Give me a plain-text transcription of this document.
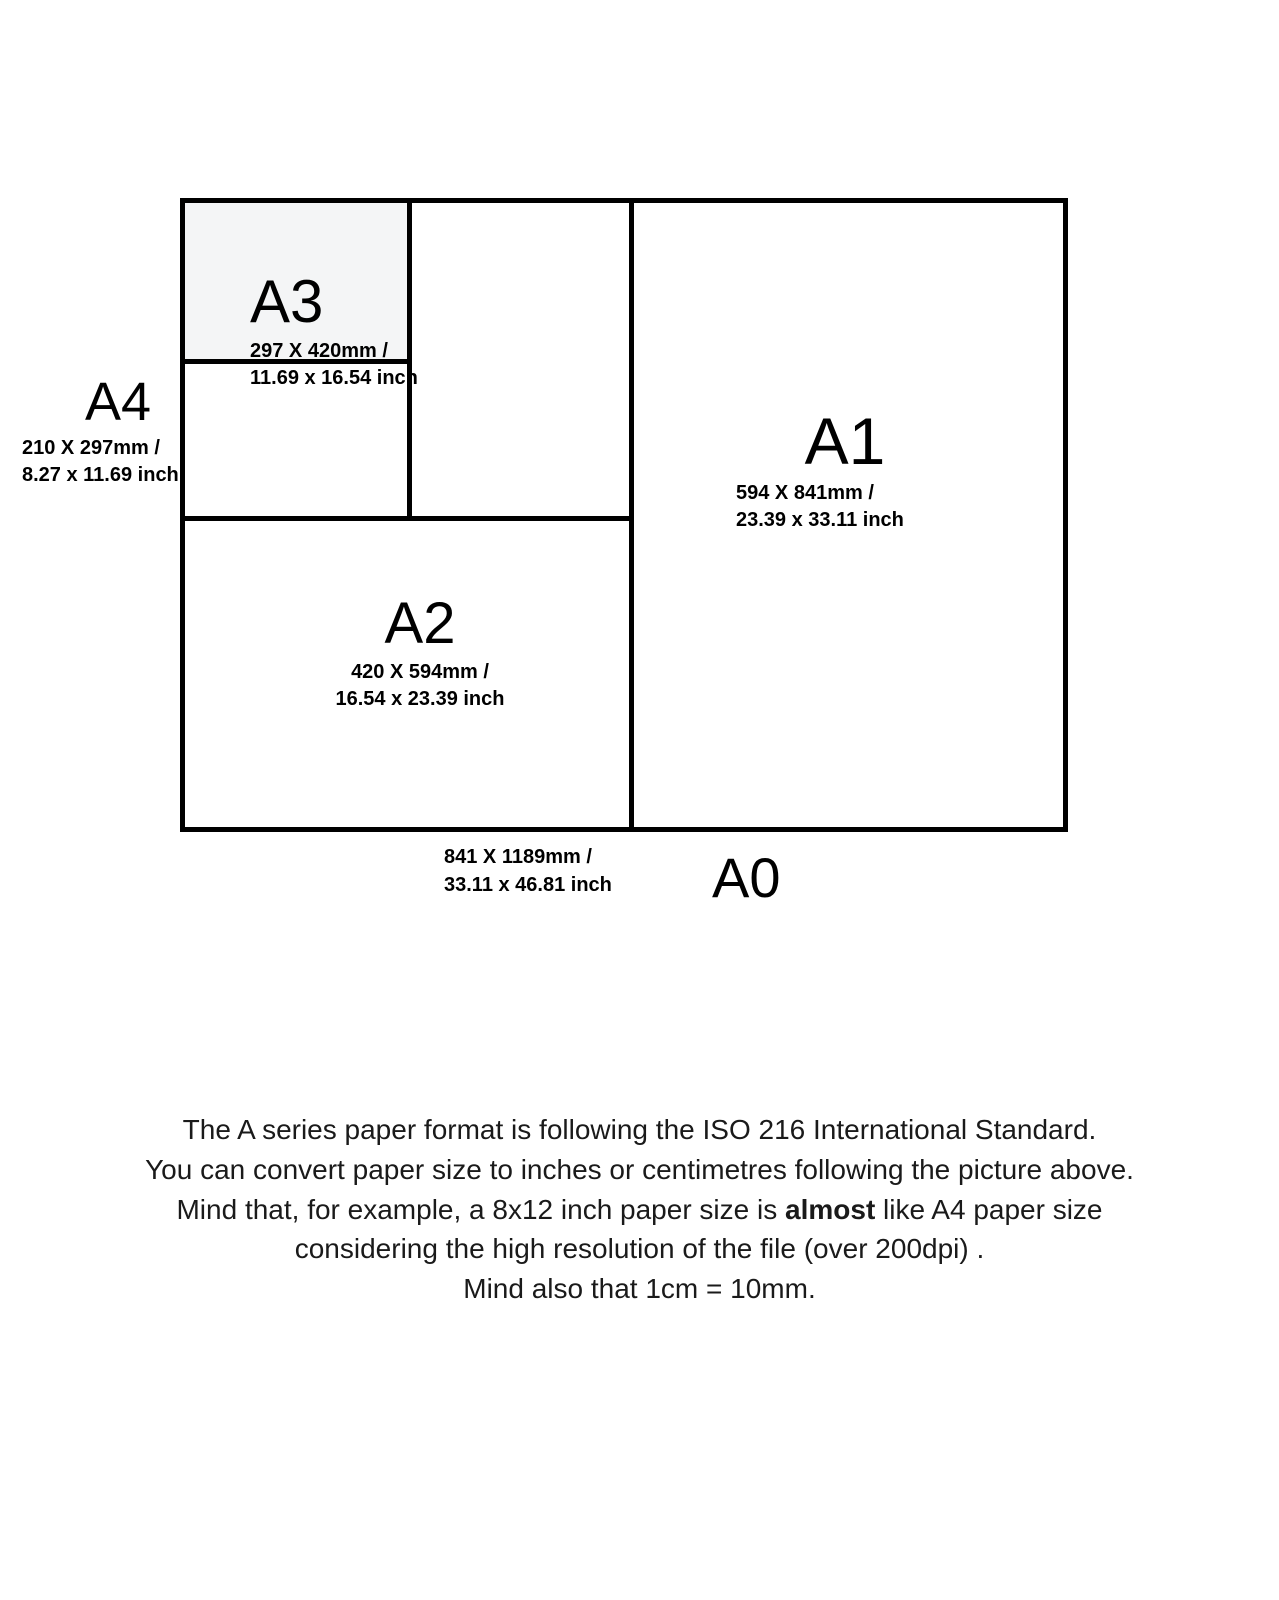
A4
210 X 297mm /
8.27 x 11.69 inch
A3
297 X 420mm /
11.69 x 16.54 inch
A2
420 X 594mm /
16.54 x 23.39 inch
A1
594 X 841mm /
23.39 x 33.11 inch
841 X 1189mm /
33.11 x 46.81 inch	A0
The A series paper format is following the ISO 216 International Standard.
You can convert paper size to inches or centimetres following the picture above.
Mind that, for example, a 8x12 inch paper size is almost like A4 paper size
considering the high resolution of the file (over 200dpi) .
Mind also that 1cm = 10mm.
